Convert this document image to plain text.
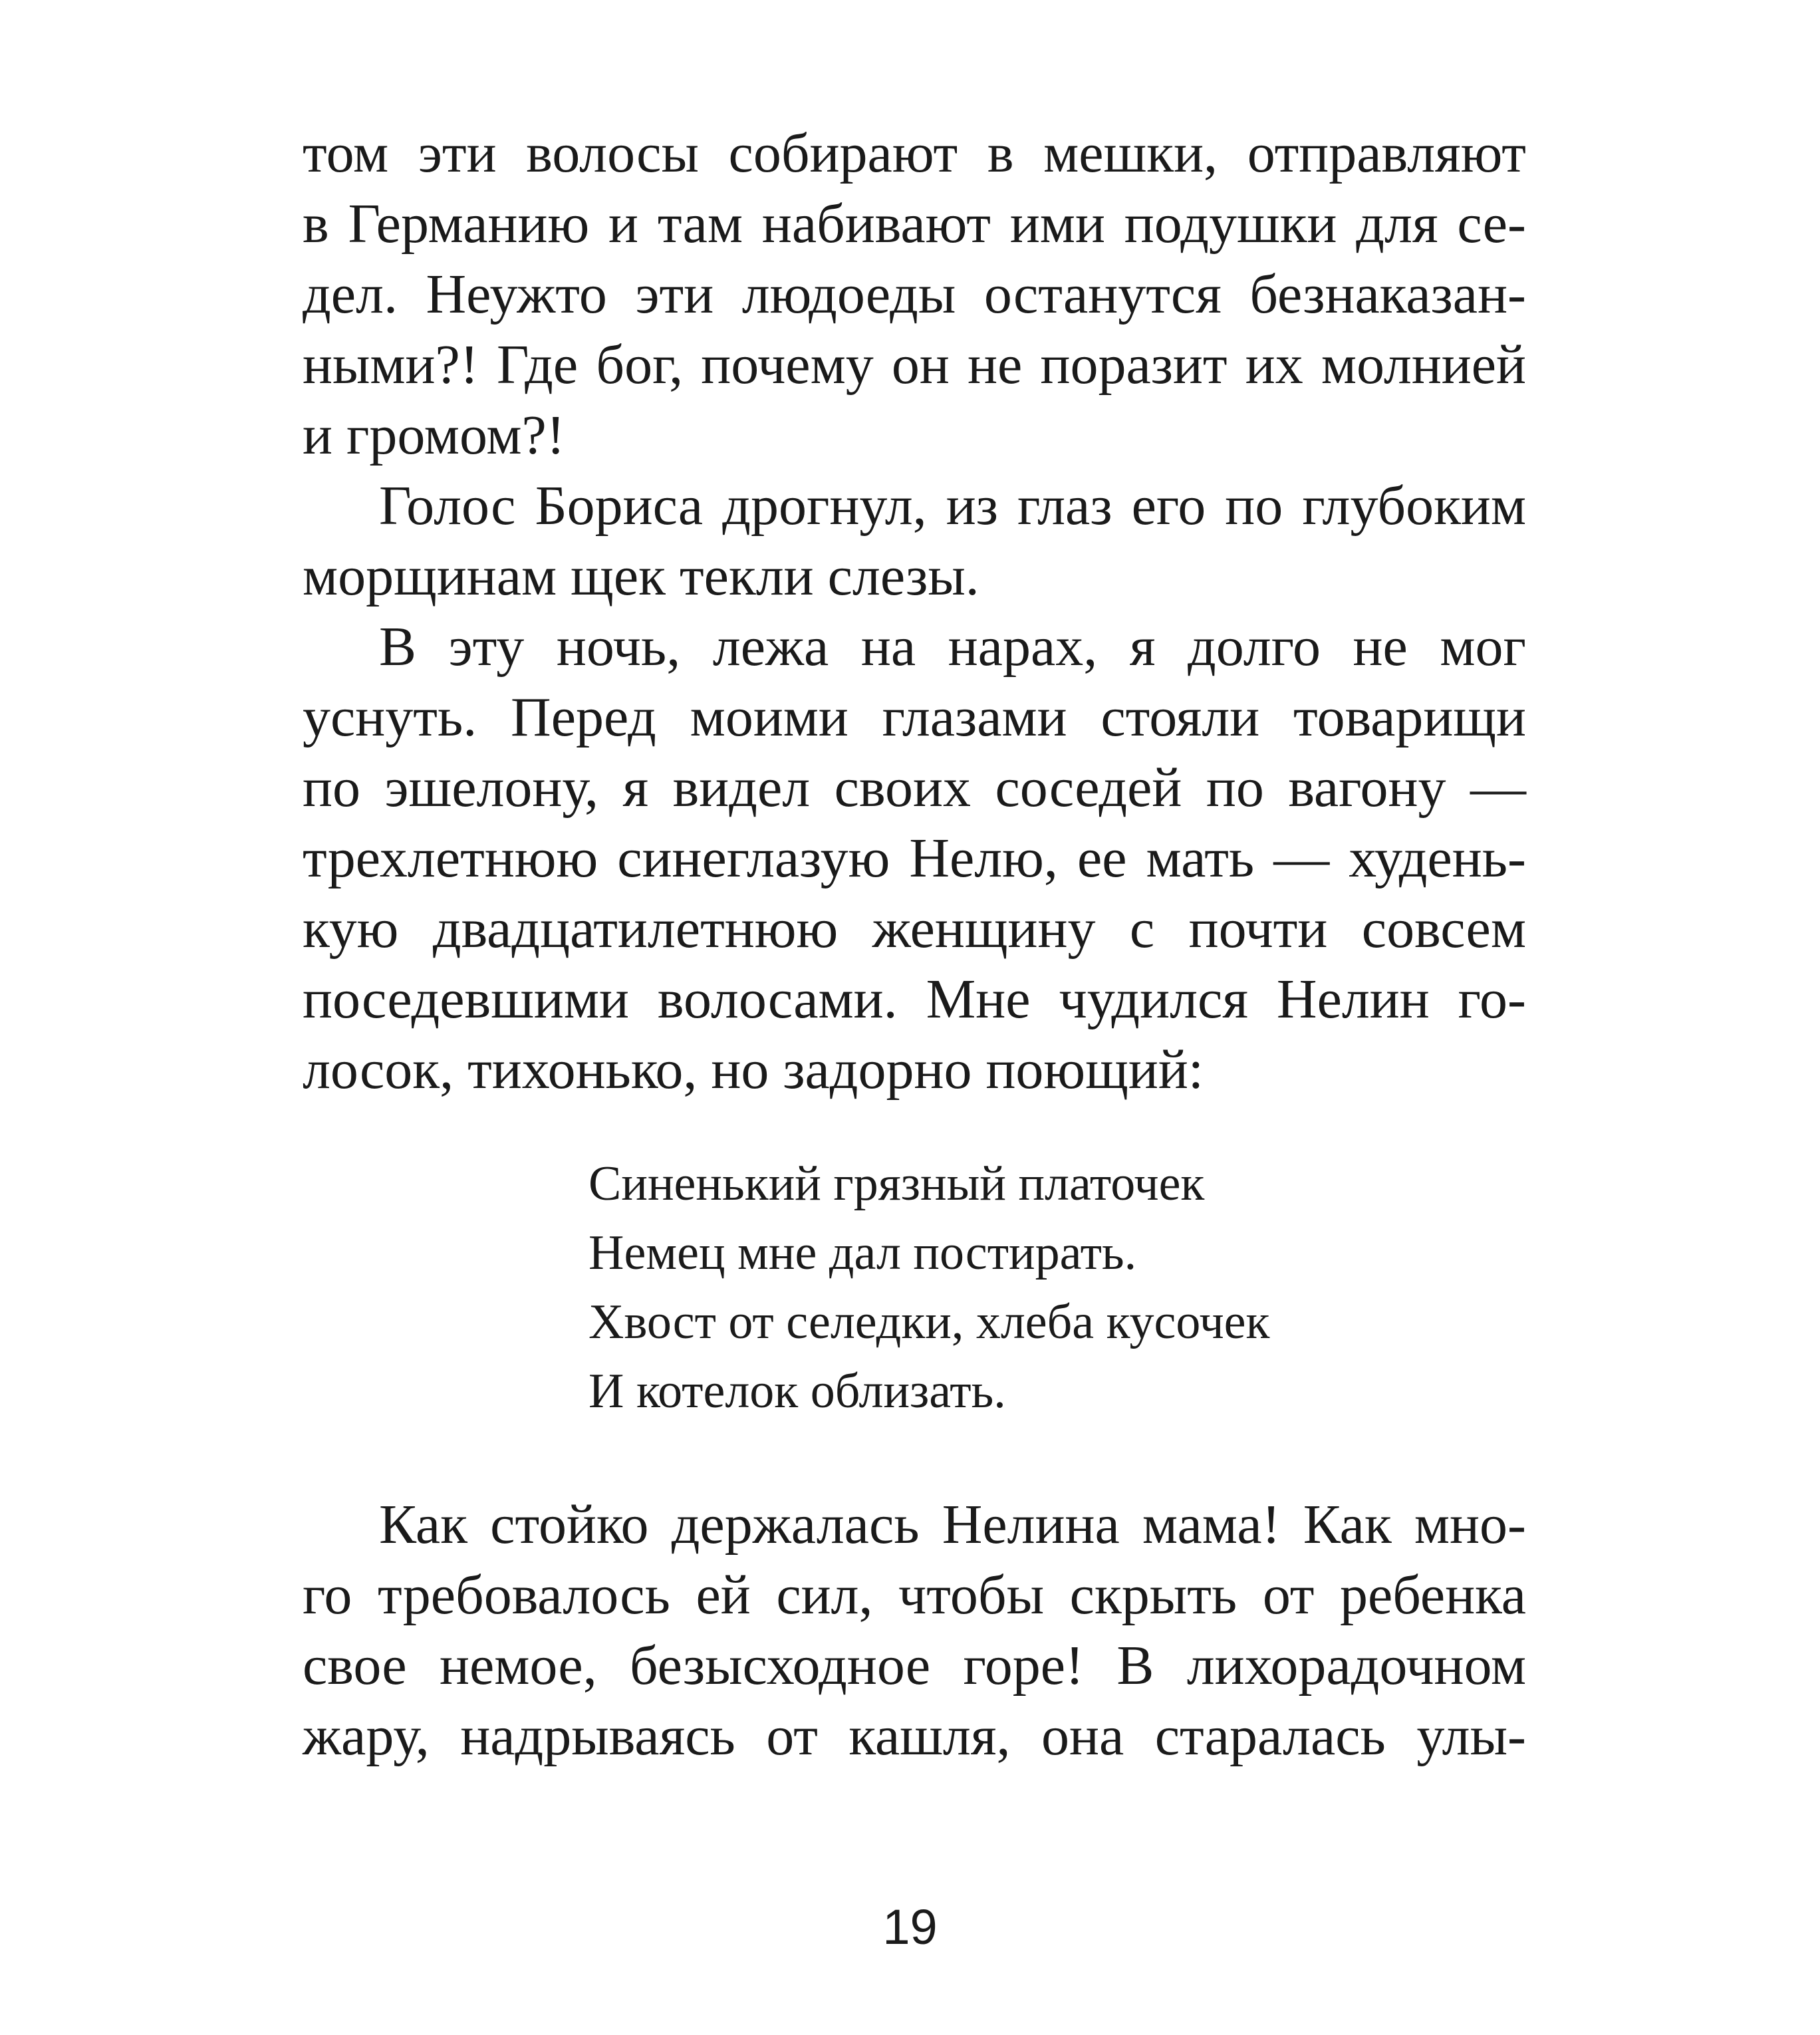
том эти волосы собирают в мешки, отправляют
в Германию и там набивают ими подушки для се-
дел. Неужто эти людоеды останутся безнаказан-
ными?! Где бог, почему он не поразит их молнией
и громом?!

Голос Бориса дрогнул, из глаз его по глубоким
морщинам щек текли слезы.

В эту ночь, лежа на нарах, я долго не мог
уснуть. Перед моими глазами стояли товарищи
по эшелону, я видел своих соседей по вагону —
трехлетнюю синеглазую Нелю, ее мать — худень-
кую двадцатилетнюю женщину с почти совсем
поседевшими волосами. Мне чудился Нелин го-
лосок, тихонько, но задорно поющий:

Синенький грязный платочек
Немец мне дал постирать.
Хвост от селедки, хлеба кусочек
И котелок облизать.

Как стойко держалась Нелина мама! Как мно-
го требовалось ей сил, чтобы скрыть от ребенка
свое немое, безысходное горе! В лихорадочном
жару, надрываясь от кашля, она старалась улы-

19
